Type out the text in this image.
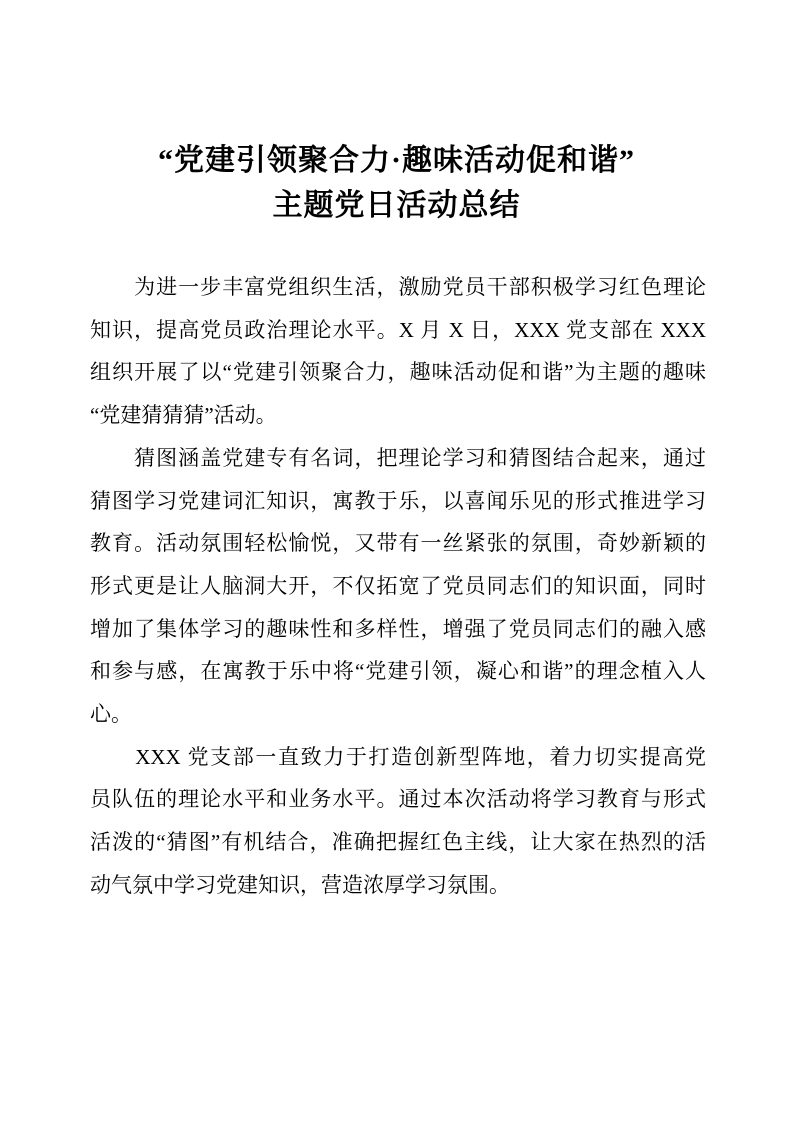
“党建引领聚合力·趣味活动促和谐”
主题党日活动总结
　　为进一步丰富党组织生活，激励党员干部积极学习红色理论
知识，提高党员政治理论水平。X 月 X 日，XXX 党支部在 XXX
组织开展了以“党建引领聚合力，趣味活动促和谐”为主题的趣味
“党建猜猜猜”活动。
　　猜图涵盖党建专有名词，把理论学习和猜图结合起来，通过
猜图学习党建词汇知识，寓教于乐，以喜闻乐见的形式推进学习
教育。活动氛围轻松愉悦，又带有一丝紧张的氛围，奇妙新颖的
形式更是让人脑洞大开，不仅拓宽了党员同志们的知识面，同时
增加了集体学习的趣味性和多样性，增强了党员同志们的融入感
和参与感，在寓教于乐中将“党建引领，凝心和谐”的理念植入人
心。
　　XXX 党支部一直致力于打造创新型阵地，着力切实提高党
员队伍的理论水平和业务水平。通过本次活动将学习教育与形式
活泼的“猜图”有机结合，准确把握红色主线，让大家在热烈的活
动气氛中学习党建知识，营造浓厚学习氛围。
